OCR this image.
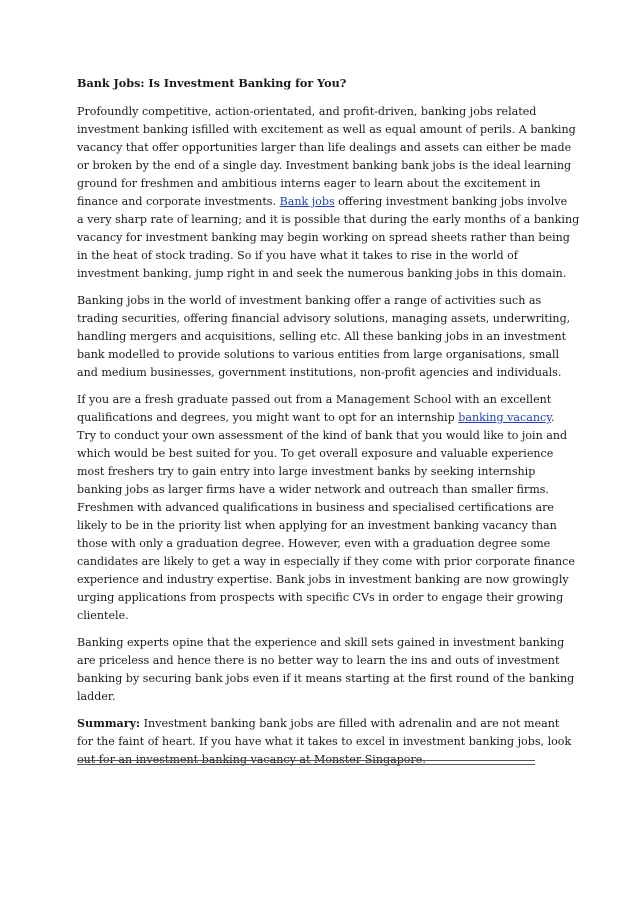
Bank Jobs: Is Investment Banking for You?
Profoundly competitive, action-orientated, and profit-driven, banking jobs related
investment banking isfilled with excitement as well as equal amount of perils. A banking
vacancy that offer opportunities larger than life dealings and assets can either be made
or broken by the end of a single day. Investment banking bank jobs is the ideal learning
ground for freshmen and ambitious interns eager to learn about the excitement in
finance and corporate investments. Bank jobs offering investment banking jobs involve
a very sharp rate of learning; and it is possible that during the early months of a banking
vacancy for investment banking may begin working on spread sheets rather than being
in the heat of stock trading. So if you have what it takes to rise in the world of
investment banking, jump right in and seek the numerous banking jobs in this domain.
Banking jobs in the world of investment banking offer a range of activities such as
trading securities, offering financial advisory solutions, managing assets, underwriting,
handling mergers and acquisitions, selling etc. All these banking jobs in an investment
bank modelled to provide solutions to various entities from large organisations, small
and medium businesses, government institutions, non-profit agencies and individuals.
If you are a fresh graduate passed out from a Management School with an excellent
qualifications and degrees, you might want to opt for an internship banking vacancy.
Try to conduct your own assessment of the kind of bank that you would like to join and
which would be best suited for you. To get overall exposure and valuable experience
most freshers try to gain entry into large investment banks by seeking internship
banking jobs as larger firms have a wider network and outreach than smaller firms.
Freshmen with advanced qualifications in business and specialised certifications are
likely to be in the priority list when applying for an investment banking vacancy than
those with only a graduation degree. However, even with a graduation degree some
candidates are likely to get a way in especially if they come with prior corporate finance
experience and industry expertise. Bank jobs in investment banking are now growingly
urging applications from prospects with specific CVs in order to engage their growing
clientele.
Banking experts opine that the experience and skill sets gained in investment banking
are priceless and hence there is no better way to learn the ins and outs of investment
banking by securing bank jobs even if it means starting at the first round of the banking
ladder.
Summary: Investment banking bank jobs are filled with adrenalin and are not meant
for the faint of heart. If you have what it takes to excel in investment banking jobs, look
out for an investment banking vacancy at Monster Singapore.
